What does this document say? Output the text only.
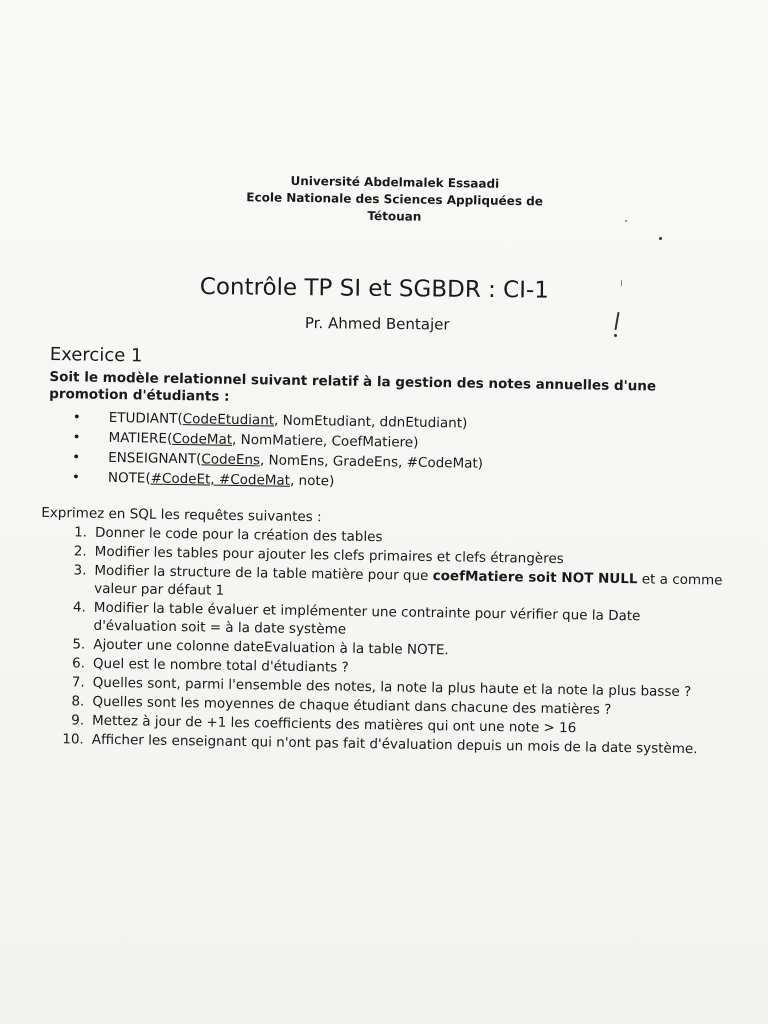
Université Abdelmalek Essaadi
Ecole Nationale des Sciences Appliquées de
Tétouan
Contrôle TP SI et SGBDR : CI-1
Pr. Ahmed Bentajer
Exercice 1

Soit le modèle relationnel suivant relatif à la gestion des notes annuelles d'une promotion d'étudiants :

• ETUDIANT(CodeEtudiant, NomEtudiant, ddnEtudiant)
• MATIERE(CodeMat, NomMatiere, CoefMatiere)
• ENSEIGNANT(CodeEns, NomEns, GradeEns, #CodeMat)
• NOTE(#CodeEt, #CodeMat, note)
Exprimez en SQL les requêtes suivantes :
1. Donner le code pour la création des tables
2. Modifier les tables pour ajouter les clefs primaires et clefs étrangères
3. Modifier la structure de la table matière pour que coefMatiere soit NOT NULL et a comme valeur par défaut 1
4. Modifier la table évaluer et implémenter une contrainte pour vérifier que la Date d'évaluation soit = à la date système
5. Ajouter une colonne dateEvaluation à la table NOTE.
6. Quel est le nombre total d'étudiants ?
7. Quelles sont, parmi l'ensemble des notes, la note la plus haute et la note la plus basse ?
8. Quelles sont les moyennes de chaque étudiant dans chacune des matières ?
9. Mettez à jour de +1 les coefficients des matières qui ont une note > 16
10. Afficher les enseignant qui n'ont pas fait d'évaluation depuis un mois de la date système.
